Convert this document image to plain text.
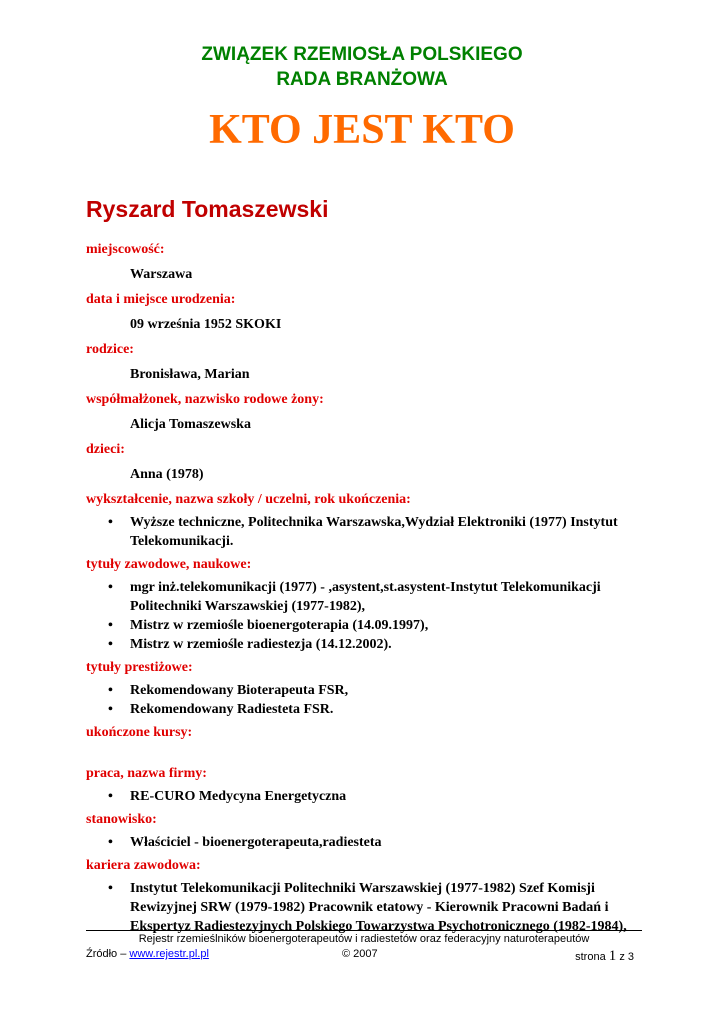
ZWIĄZEK RZEMIOSŁA POLSKIEGO
RADA BRANŻOWA
KTO JEST KTO
Ryszard Tomaszewski
miejscowość:
Warszawa
data i miejsce urodzenia:
09 września 1952 SKOKI
rodzice:
Bronisława, Marian
współmałżonek, nazwisko rodowe żony:
Alicja Tomaszewska
dzieci:
Anna (1978)
wykształcenie, nazwa szkoły / uczelni, rok ukończenia:
• Wyższe techniczne, Politechnika Warszawska,Wydział Elektroniki (1977) Instytut Telekomunikacji.
tytuły zawodowe, naukowe:
• mgr inż.telekomunikacji (1977) - ,asystent,st.asystent-Instytut Telekomunikacji Politechniki Warszawskiej (1977-1982),
• Mistrz w rzemiośle bioenergoterapia (14.09.1997),
• Mistrz w rzemiośle radiestezja (14.12.2002).
tytuły prestiżowe:
• Rekomendowany Bioterapeuta FSR,
• Rekomendowany Radiesteta FSR.
ukończone kursy:
praca, nazwa firmy:
• RE-CURO Medycyna Energetyczna
stanowisko:
• Właściciel - bioenergoterapeuta,radiesteta
kariera zawodowa:
• Instytut Telekomunikacji Politechniki Warszawskiej (1977-1982) Szef Komisji Rewizyjnej SRW (1979-1982) Pracownik etatowy - Kierownik Pracowni Badań i Ekspertyz Radiestezyjnych Polskiego Towarzystwa Psychotronicznego (1982-1984),
Rejestr rzemieślników bioenergoterapeutów i radiestetów oraz federacyjny naturoterapeutów
Źródło – www.rejestr.pl.pl	© 2007	strona 1 z 3
